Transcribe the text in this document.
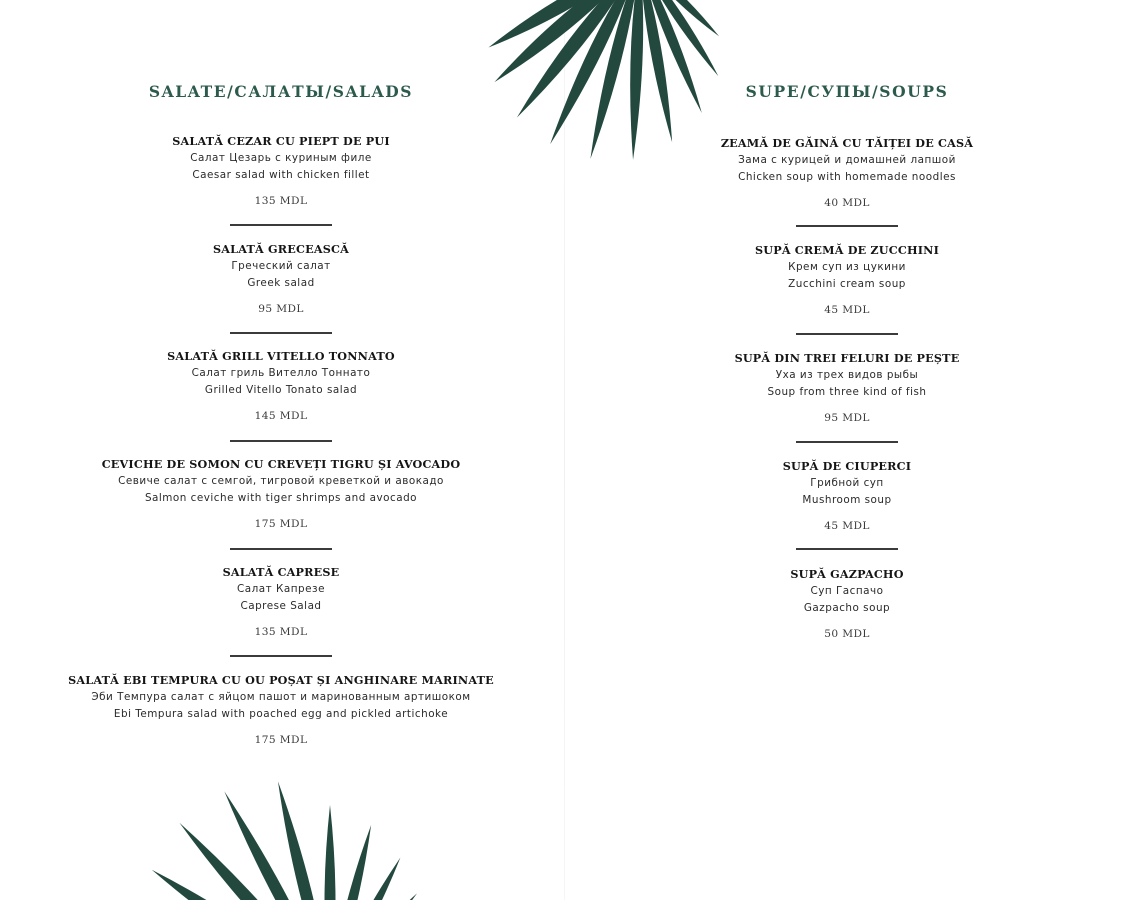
SALATE/САЛАТЫ/SALADS
SALATĂ CEZAR CU PIEPT DE PUI
Салат Цезарь с куриным филе
Caesar salad with chicken fillet
135 MDL
SALATĂ GRECEASCĂ
Греческий салат
Greek salad
95 MDL
SALATĂ GRILL VITELLO TONNATO
Салат гриль Вителло Тоннато
Grilled Vitello Tonato salad
145 MDL
CEVICHE DE SOMON CU CREVEȚI TIGRU ȘI AVOCADO
Севиче салат с семгой, тигровой креветкой и авокадо
Salmon ceviche with tiger shrimps and avocado
175 MDL
SALATĂ CAPRESE
Салат Капрезе
Caprese Salad
135 MDL
SALATĂ EBI TEMPURA CU OU POȘAT ȘI ANGHINARE MARINATE
Эби Темпура салат с яйцом пашот и маринованным артишоком
Ebi Tempura salad with poached egg and pickled artichoke
175 MDL
SUPE/СУПЫ/SOUPS
ZEAMĂ DE GĂINĂ CU TĂIȚEI DE CASĂ
Зама с курицей и домашней лапшой
Chicken soup with homemade noodles
40 MDL
SUPĂ CREMĂ DE ZUCCHINI
Крем суп из цукини
Zucchini cream soup
45 MDL
SUPĂ DIN TREI FELURI DE PEȘTE
Уха из трех видов рыбы
Soup from three kind of fish
95 MDL
SUPĂ DE CIUPERCI
Грибной суп
Mushroom soup
45 MDL
SUPĂ GAZPACHO
Суп Гаспачо
Gazpacho soup
50 MDL
